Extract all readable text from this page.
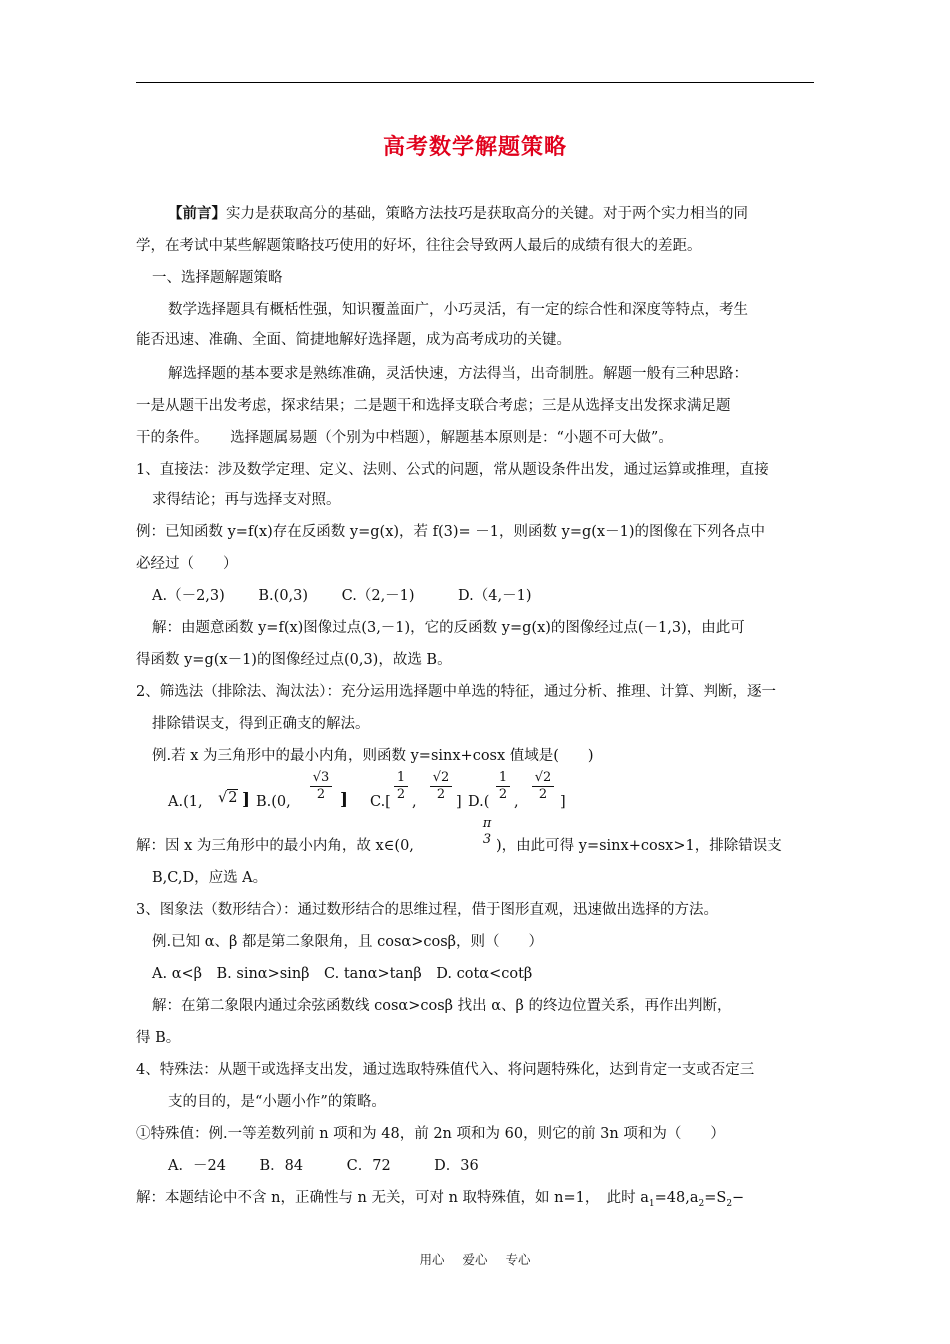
高考数学解题策略
【前言】实力是获取高分的基础，策略方法技巧是获取高分的关键。对于两个实力相当的同
学，在考试中某些解题策略技巧使用的好坏，往往会导致两人最后的成绩有很大的差距。
一、选择题解题策略
数学选择题具有概栝性强，知识覆盖面广，小巧灵活，有一定的综合性和深度等特点，考生
能否迅速、准确、全面、简捷地解好选择题，成为高考成功的关键。
解选择题的基本要求是熟练准确，灵活快速，方法得当，出奇制胜。解题一般有三种思路：
一是从题干出发考虑，探求结果；二是题干和选择支联合考虑；三是从选择支出发探求满足题
干的条件。　　选择题属易题（个别为中档题），解题基本原则是：“小题不可大做”。
1、直接法：涉及数学定理、定义、法则、公式的问题，常从题设条件出发，通过运算或推理，直接
求得结论；再与选择支对照。
例：已知函数 y=f(x)存在反函数 y=g(x)，若 f(3)= －1，则函数 y=g(x－1)的图像在下列各点中
必经过（　　）
A.（－2,3)　　 B.(0,3)　　 C.（2,－1)　　　D.（4,－1)
解：由题意函数 y=f(x)图像过点(3,－1)，它的反函数 y=g(x)的图像经过点(－1,3)，由此可
得函数 y=g(x－1)的图像经过点(0,3)，故选 B。
2、筛选法（排除法、淘汰法）：充分运用选择题中单选的特征，通过分析、推理、计算、判断，逐一
排除错误支，得到正确支的解法。
例.若 x 为三角形中的最小内角，则函数 y=sinx+cosx 值域是(　　)
A.(1, √2 ] B.(0, $\frac{√3}{2}$ ] $C.[ \frac{1}{2}$ , $\frac{√2}{2}$ ] $D.( \frac{1}{2}$ , $\frac{√2}{2}$ ]
解：因 x 为三角形中的最小内角，故 x∈(0,
π
3 )，由此可得 y=sinx+cosx>1，排除错误支
B,C,D，应选 A。
3、图象法（数形结合）：通过数形结合的思维过程，借于图形直观，迅速做出选择的方法。
例.已知 α、β 都是第二象限角，且 cosα>cosβ，则（　　）
A. α<β　B. sinα>sinβ　C. tanα>tanβ　D. cotα<cotβ
解：在第二象限内通过余弦函数线 cosα>cosβ 找出 α、β 的终边位置关系，再作出判断，
得 B。
4、特殊法：从题干或选择支出发，通过选取特殊值代入、将问题特殊化，达到肯定一支或否定三
支的目的，是“小题小作”的策略。
①特殊值：例.一等差数列前 n 项和为 48，前 2n 项和为 60，则它的前 3n 项和为（　　）
A．－24　　 B．84　　　C．72　　　D．36
解：本题结论中不含 n，正确性与 n 无关，可对 n 取特殊值，如 n=1，　此时 $a_1=48,a_2=S_2-$
用心 爱心 专心
